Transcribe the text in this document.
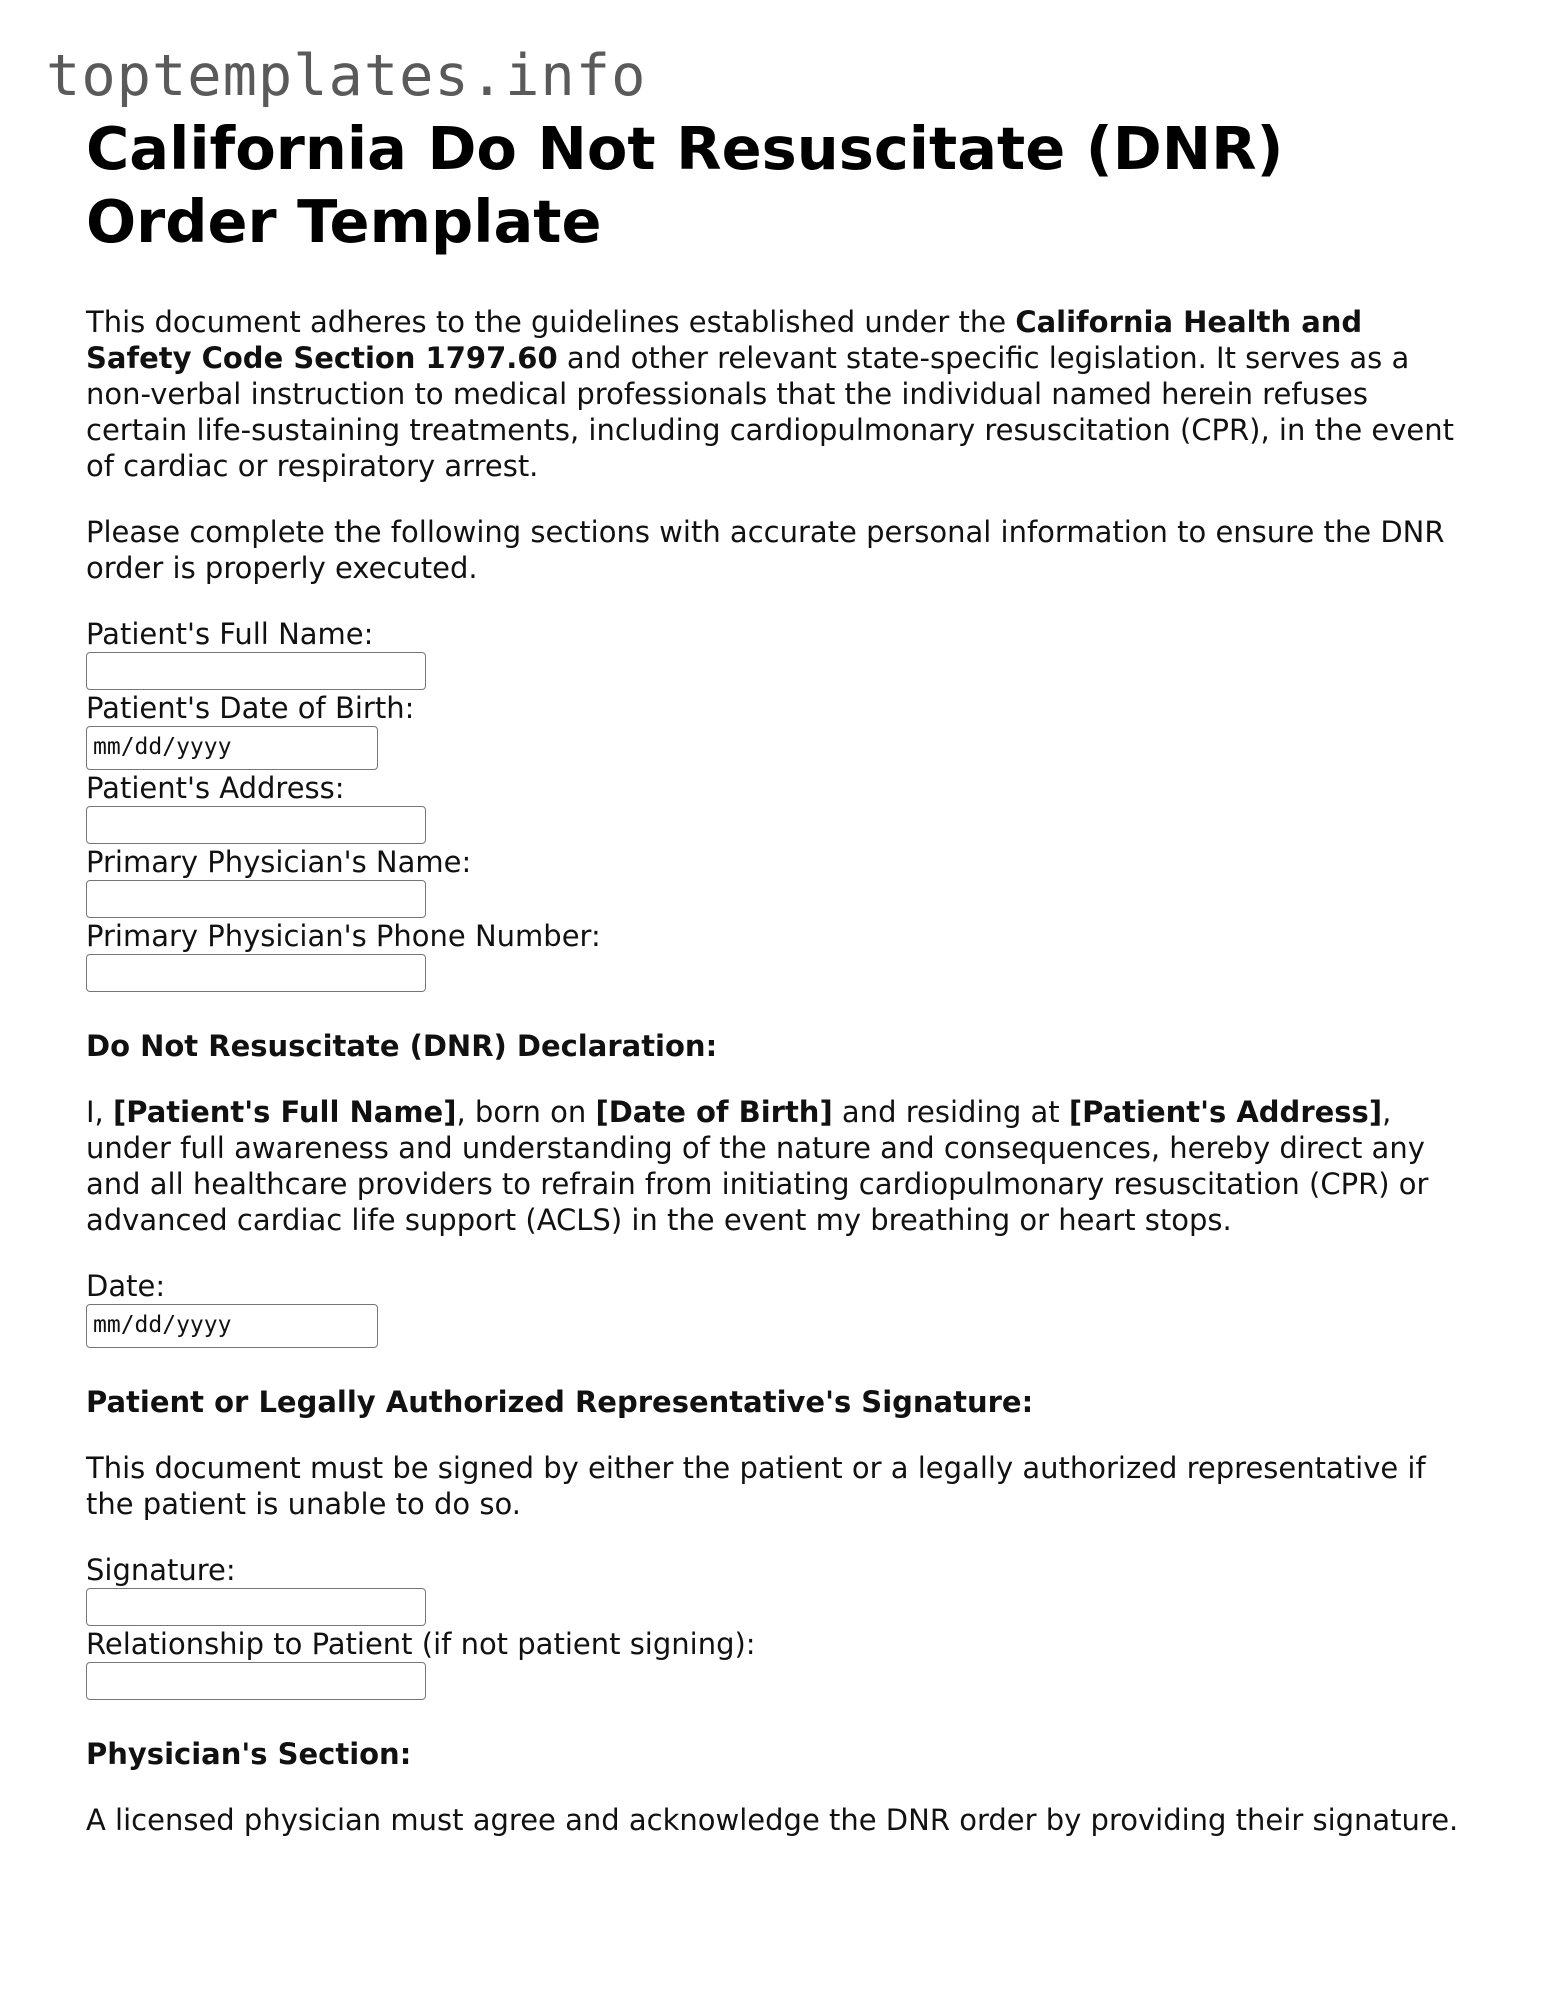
toptemplates.info
California Do Not Resuscitate (DNR) Order Template

This document adheres to the guidelines established under the California Health and Safety Code Section 1797.60 and other relevant state-specific legislation. It serves as a non-verbal instruction to medical professionals that the individual named herein refuses certain life-sustaining treatments, including cardiopulmonary resuscitation (CPR), in the event of cardiac or respiratory arrest.

Please complete the following sections with accurate personal information to ensure the DNR order is properly executed.

Patient's Full Name:
Patient's Date of Birth:
mm/dd/yyyy
Patient's Address:
Primary Physician's Name:
Primary Physician's Phone Number:
Do Not Resuscitate (DNR) Declaration:

I, [Patient's Full Name], born on [Date of Birth] and residing at [Patient's Address], under full awareness and understanding of the nature and consequences, hereby direct any and all healthcare providers to refrain from initiating cardiopulmonary resuscitation (CPR) or advanced cardiac life support (ACLS) in the event my breathing or heart stops.

Date:
mm/dd/yyyy
Patient or Legally Authorized Representative's Signature:

This document must be signed by either the patient or a legally authorized representative if the patient is unable to do so.

Signature:
Relationship to Patient (if not patient signing):
Physician's Section:

A licensed physician must agree and acknowledge the DNR order by providing their signature.
